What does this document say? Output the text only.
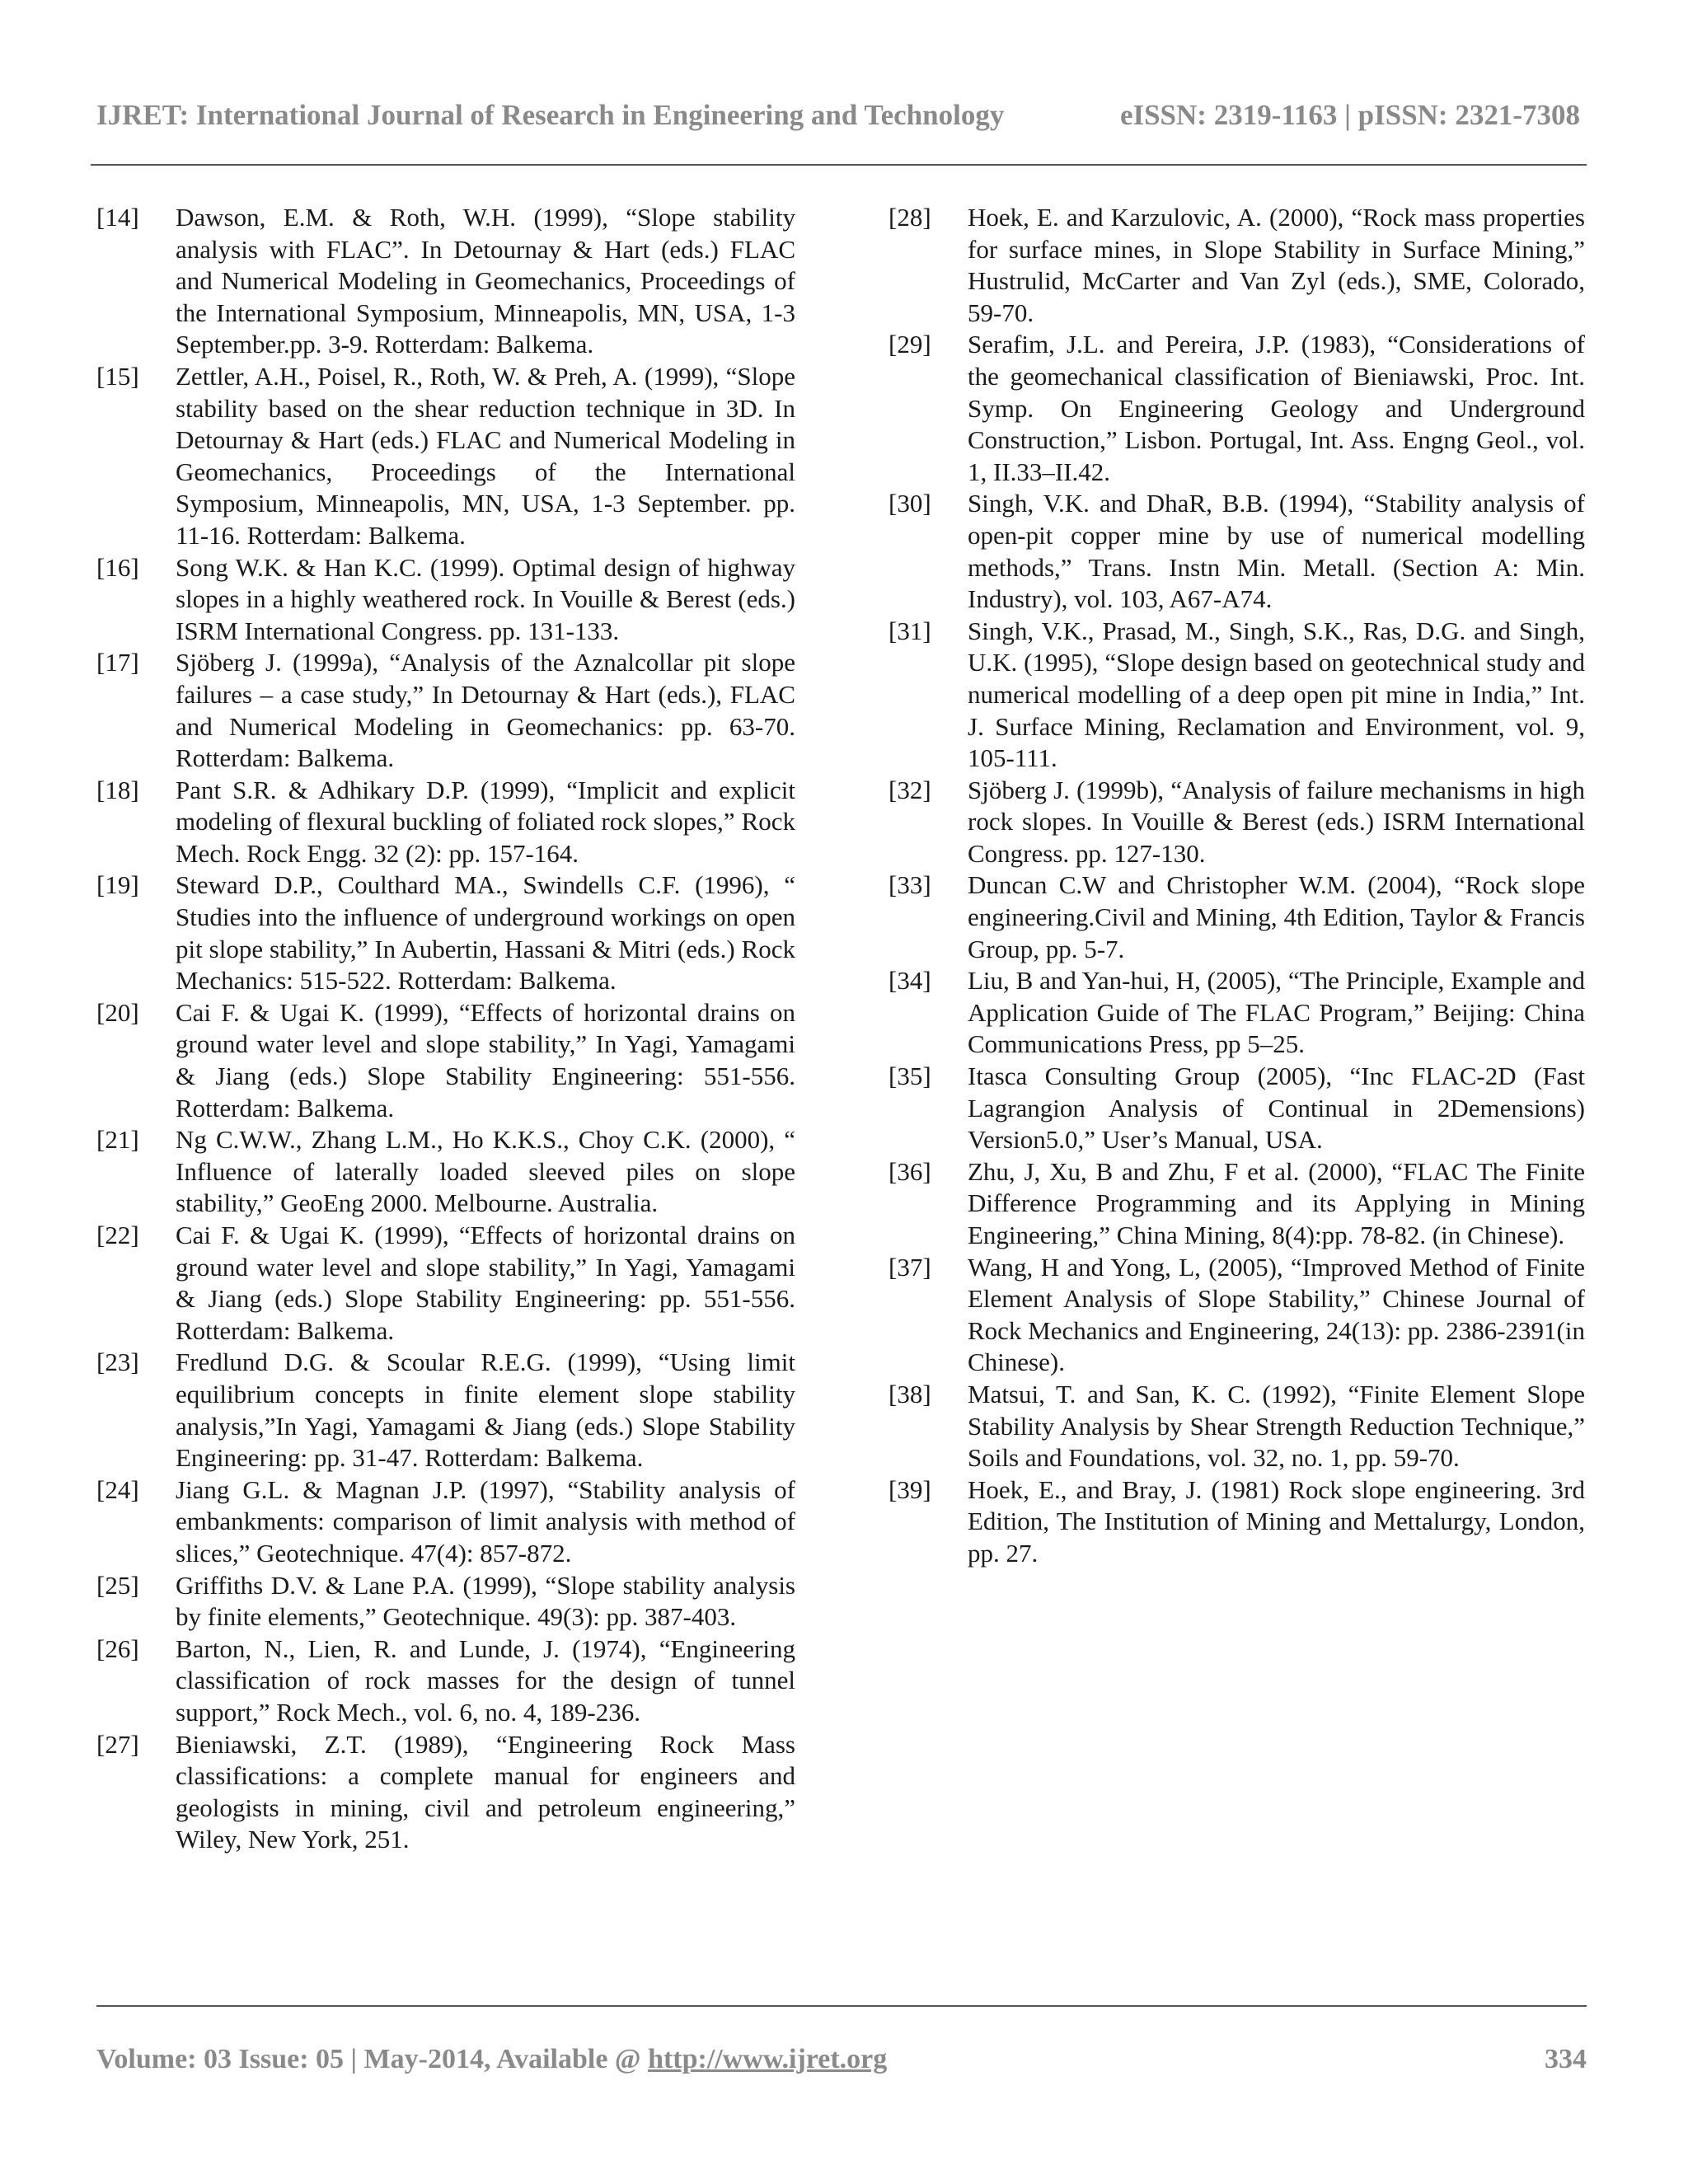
IJRET: International Journal of Research in Engineering and Technology	eISSN: 2319-1163 | pISSN: 2321-7308
[14]	Dawson, E.M. & Roth, W.H. (1999), “Slope stability analysis with FLAC”. In Detournay & Hart (eds.) FLAC and Numerical Modeling in Geomechanics, Proceedings of the International Symposium, Minneapolis, MN, USA, 1-3 September.pp. 3-9. Rotterdam: Balkema.
[15]	Zettler, A.H., Poisel, R., Roth, W. & Preh, A. (1999), “Slope stability based on the shear reduction technique in 3D. In Detournay & Hart (eds.) FLAC and Numerical Modeling in Geomechanics, Proceedings of the International Symposium, Minneapolis, MN, USA, 1-3 September. pp. 11-16. Rotterdam: Balkema.
[16]	Song W.K. & Han K.C. (1999). Optimal design of highway slopes in a highly weathered rock. In Vouille & Berest (eds.) ISRM International Congress. pp. 131-133.
[17]	Sjöberg J. (1999a), “Analysis of the Aznalcollar pit slope failures – a case study,” In Detournay & Hart (eds.), FLAC and Numerical Modeling in Geomechanics: pp. 63-70. Rotterdam: Balkema.
[18]	Pant S.R. & Adhikary D.P. (1999), “Implicit and explicit modeling of flexural buckling of foliated rock slopes,” Rock Mech. Rock Engg. 32 (2): pp. 157-164.
[19]	Steward D.P., Coulthard MA., Swindells C.F. (1996), “ Studies into the influence of underground workings on open pit slope stability,” In Aubertin, Hassani & Mitri (eds.) Rock Mechanics: 515-522. Rotterdam: Balkema.
[20]	Cai F. & Ugai K. (1999), “Effects of horizontal drains on ground water level and slope stability,” In Yagi, Yamagami & Jiang (eds.) Slope Stability Engineering: 551-556. Rotterdam: Balkema.
[21]	Ng C.W.W., Zhang L.M., Ho K.K.S., Choy C.K. (2000), “ Influence of laterally loaded sleeved piles on slope stability,” GeoEng 2000. Melbourne. Australia.
[22]	Cai F. & Ugai K. (1999), “Effects of horizontal drains on ground water level and slope stability,” In Yagi, Yamagami & Jiang (eds.) Slope Stability Engineering: pp. 551-556. Rotterdam: Balkema.
[23]	Fredlund D.G. & Scoular R.E.G. (1999), “Using limit equilibrium concepts in finite element slope stability analysis,”In Yagi, Yamagami & Jiang (eds.) Slope Stability Engineering: pp. 31-47. Rotterdam: Balkema.
[24]	Jiang G.L. & Magnan J.P. (1997), “Stability analysis of embankments: comparison of limit analysis with method of slices,” Geotechnique. 47(4): 857-872.
[25]	Griffiths D.V. & Lane P.A. (1999), “Slope stability analysis by finite elements,” Geotechnique. 49(3): pp. 387-403.
[26]	Barton, N., Lien, R. and Lunde, J. (1974), “Engineering classification of rock masses for the design of tunnel support,” Rock Mech., vol. 6, no. 4, 189-236.
[27]	Bieniawski, Z.T. (1989), “Engineering Rock Mass classifications: a complete manual for engineers and geologists in mining, civil and petroleum engineering,” Wiley, New York, 251.
[28]	Hoek, E. and Karzulovic, A. (2000), “Rock mass properties for surface mines, in Slope Stability in Surface Mining,” Hustrulid, McCarter and Van Zyl (eds.), SME, Colorado, 59-70.
[29]	Serafim, J.L. and Pereira, J.P. (1983), “Considerations of the geomechanical classification of Bieniawski, Proc. Int. Symp. On Engineering Geology and Underground Construction,” Lisbon. Portugal, Int. Ass. Engng Geol., vol. 1, II.33–II.42.
[30]	Singh, V.K. and DhaR, B.B. (1994), “Stability analysis of open-pit copper mine by use of numerical modelling methods,” Trans. Instn Min. Metall. (Section A: Min. Industry), vol. 103, A67-A74.
[31]	Singh, V.K., Prasad, M., Singh, S.K., Ras, D.G. and Singh, U.K. (1995), “Slope design based on geotechnical study and numerical modelling of a deep open pit mine in India,” Int. J. Surface Mining, Reclamation and Environment, vol. 9, 105-111.
[32]	Sjöberg J. (1999b), “Analysis of failure mechanisms in high rock slopes. In Vouille & Berest (eds.) ISRM International Congress. pp. 127-130.
[33]	Duncan C.W and Christopher W.M. (2004), “Rock slope engineering.Civil and Mining, 4th Edition, Taylor & Francis Group, pp. 5-7.
[34]	Liu, B and Yan-hui, H, (2005), “The Principle, Example and Application Guide of The FLAC Program,” Beijing: China Communications Press, pp 5–25.
[35]	Itasca Consulting Group (2005), “Inc FLAC-2D (Fast Lagrangion Analysis of Continual in 2Demensions) Version5.0,” User’s Manual, USA.
[36]	Zhu, J, Xu, B and Zhu, F et al. (2000), “FLAC The Finite Difference Programming and its Applying in Mining Engineering,” China Mining, 8(4):pp. 78-82. (in Chinese).
[37]	Wang, H and Yong, L, (2005), “Improved Method of Finite Element Analysis of Slope Stability,” Chinese Journal of Rock Mechanics and Engineering, 24(13): pp. 2386-2391(in Chinese).
[38]	Matsui, T. and San, K. C. (1992), “Finite Element Slope Stability Analysis by Shear Strength Reduction Technique,” Soils and Foundations, vol. 32, no. 1, pp. 59-70.
[39]	Hoek, E., and Bray, J. (1981) Rock slope engineering. 3rd Edition, The Institution of Mining and Mettalurgy, London, pp. 27.
Volume: 03 Issue: 05 | May-2014, Available @ http://www.ijret.org	334
